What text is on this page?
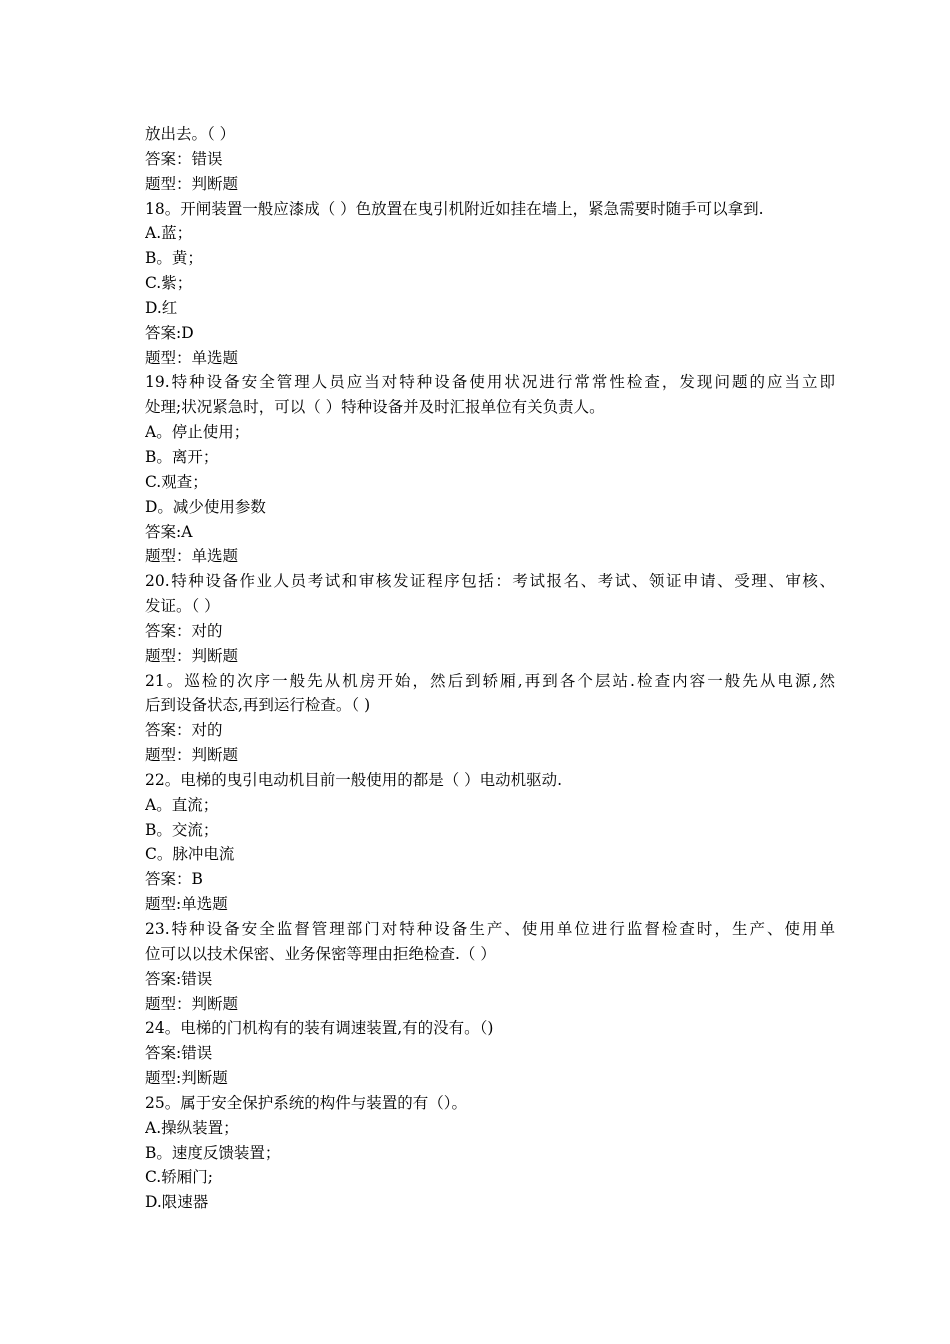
放出去。（ ）
答案：错误
题型：判断题
18。开闸装置一般应漆成（ ）色放置在曳引机附近如挂在墙上，紧急需要时随手可以拿到.
A.蓝；
B。黄；
C.紫；
D.红
答案:D
题型：单选题
19.特种设备安全管理人员应当对特种设备使用状况进行常常性检查，发现问题的应当立即
处理;状况紧急时，可以（ ）特种设备并及时汇报单位有关负责人。
A。停止使用；
B。离开；
C.观查；
D。减少使用参数
答案:A
题型：单选题
20.特种设备作业人员考试和审核发证程序包括：考试报名、考试、领证申请、受理、审核、
发证。（ ）
答案：对的
题型：判断题
21。巡检的次序一般先从机房开始，然后到轿厢,再到各个层站.检查内容一般先从电源,然
后到设备状态,再到运行检查。（ )
答案：对的
题型：判断题
22。电梯的曳引电动机目前一般使用的都是（ ）电动机驱动.
A。直流；
B。交流；
C。脉冲电流
答案：B
题型:单选题
23.特种设备安全监督管理部门对特种设备生产、使用单位进行监督检查时，生产、使用单
位可以以技术保密、业务保密等理由拒绝检查.（ ）
答案:错误
题型：判断题
24。电梯的门机构有的装有调速装置,有的没有。（)
答案:错误
题型:判断题
25。属于安全保护系统的构件与装置的有（）。
A.操纵装置；
B。速度反馈装置；
C.轿厢门;
D.限速器
